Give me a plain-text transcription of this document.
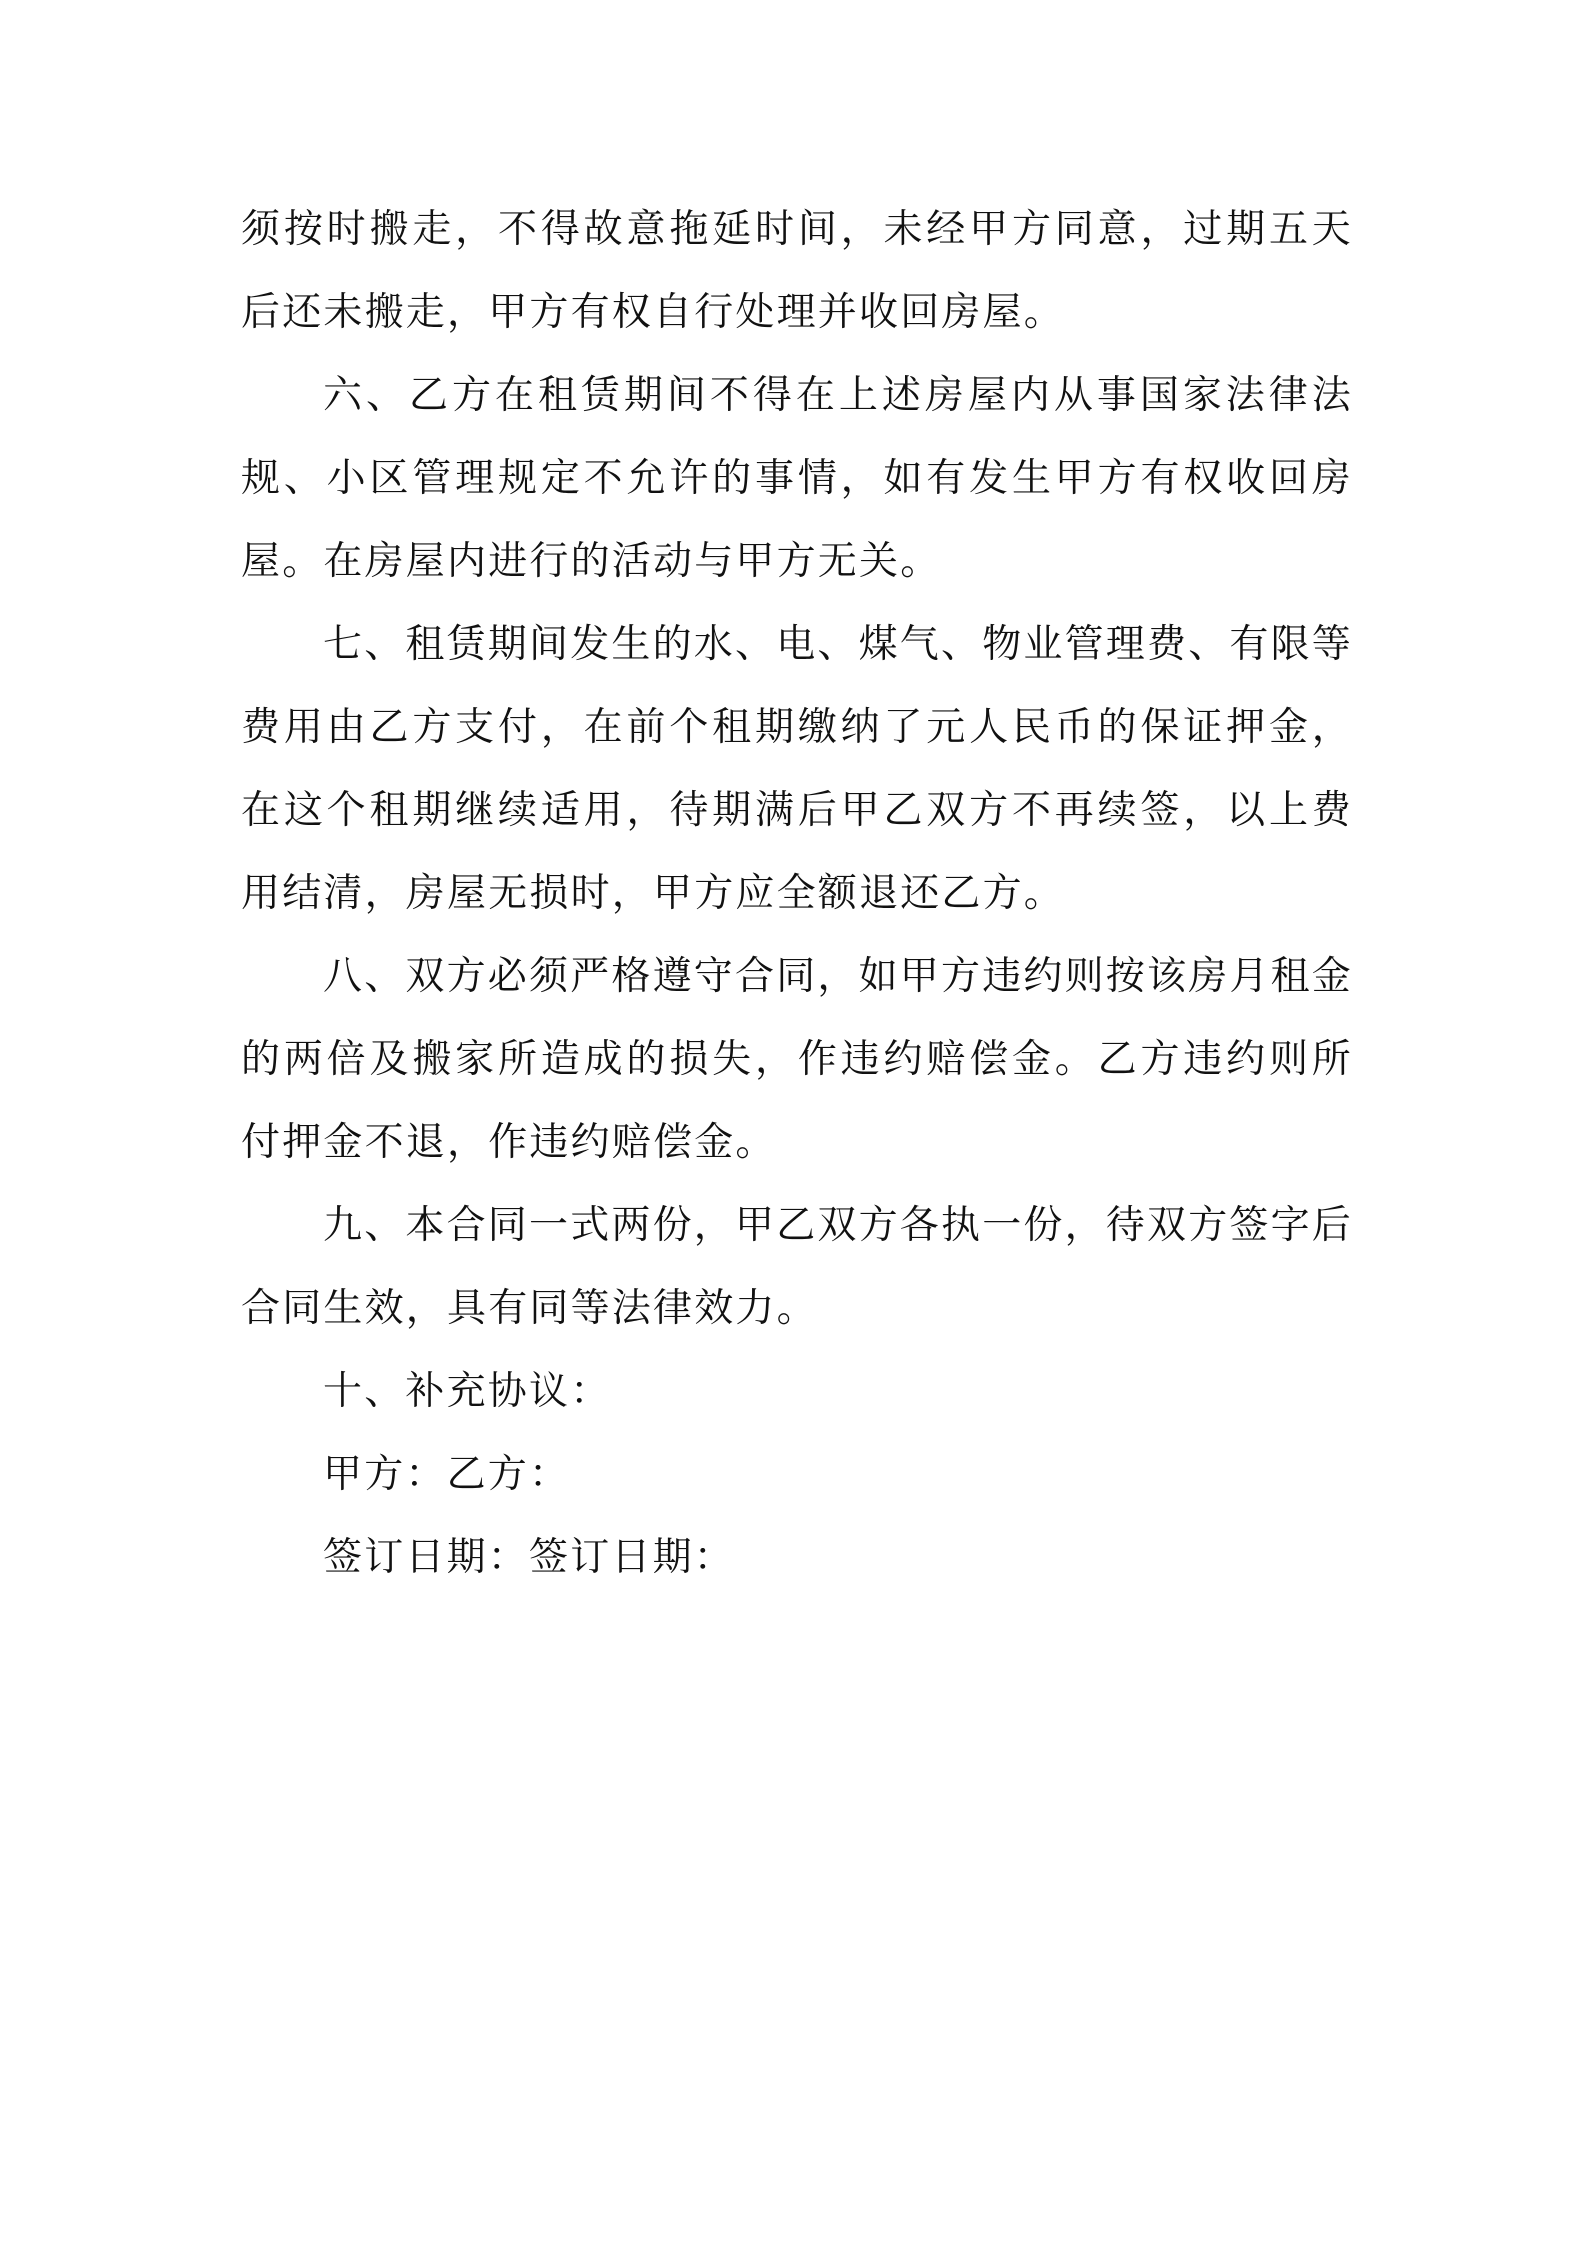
须按时搬走，不得故意拖延时间，未经甲方同意，过期五天后还未搬走，甲方有权自行处理并收回房屋。

六、乙方在租赁期间不得在上述房屋内从事国家法律法规、小区管理规定不允许的事情，如有发生甲方有权收回房屋。在房屋内进行的活动与甲方无关。

七、租赁期间发生的水、电、煤气、物业管理费、有限等费用由乙方支付，在前个租期缴纳了元人民币的保证押金，在这个租期继续适用，待期满后甲乙双方不再续签，以上费用结清，房屋无损时，甲方应全额退还乙方。

八、双方必须严格遵守合同，如甲方违约则按该房月租金的两倍及搬家所造成的损失，作违约赔偿金。乙方违约则所付押金不退，作违约赔偿金。

九、本合同一式两份，甲乙双方各执一份，待双方签字后合同生效，具有同等法律效力。

十、补充协议：

甲方：乙方：

签订日期：签订日期：
